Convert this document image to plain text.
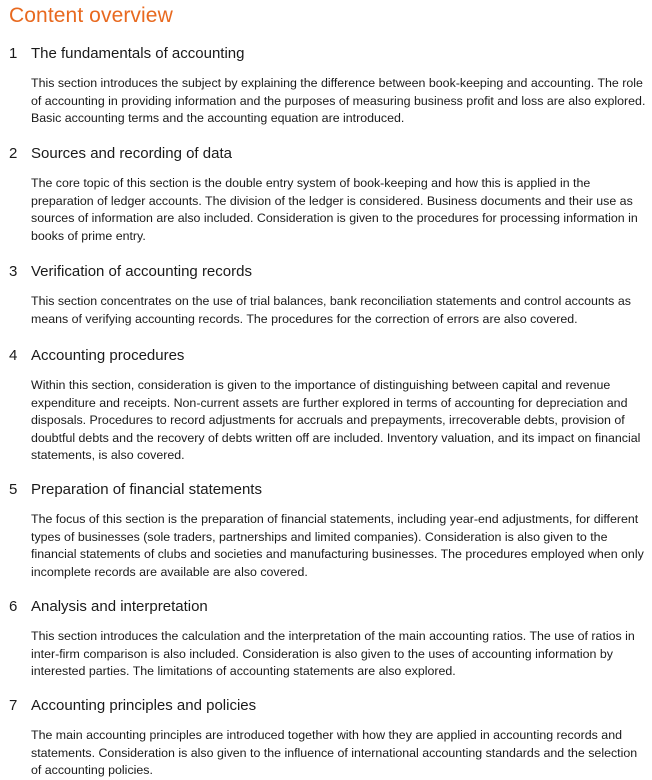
Content overview
1 The fundamentals of accounting

This section introduces the subject by explaining the difference between book-keeping and accounting. The role of accounting in providing information and the purposes of measuring business profit and loss are also explored. Basic accounting terms and the accounting equation are introduced.

2 Sources and recording of data

The core topic of this section is the double entry system of book-keeping and how this is applied in the preparation of ledger accounts. The division of the ledger is considered. Business documents and their use as sources of information are also included. Consideration is given to the procedures for processing information in books of prime entry.

3 Verification of accounting records

This section concentrates on the use of trial balances, bank reconciliation statements and control accounts as means of verifying accounting records. The procedures for the correction of errors are also covered.

4 Accounting procedures

Within this section, consideration is given to the importance of distinguishing between capital and revenue expenditure and receipts. Non-current assets are further explored in terms of accounting for depreciation and disposals. Procedures to record adjustments for accruals and prepayments, irrecoverable debts, provision of doubtful debts and the recovery of debts written off are included. Inventory valuation, and its impact on financial statements, is also covered.

5 Preparation of financial statements

The focus of this section is the preparation of financial statements, including year-end adjustments, for different types of businesses (sole traders, partnerships and limited companies). Consideration is also given to the financial statements of clubs and societies and manufacturing businesses. The procedures employed when only incomplete records are available are also covered.

6 Analysis and interpretation

This section introduces the calculation and the interpretation of the main accounting ratios. The use of ratios in inter-firm comparison is also included. Consideration is also given to the uses of accounting information by interested parties. The limitations of accounting statements are also explored.

7 Accounting principles and policies

The main accounting principles are introduced together with how they are applied in accounting records and statements. Consideration is also given to the influence of international accounting standards and the selection of accounting policies.
